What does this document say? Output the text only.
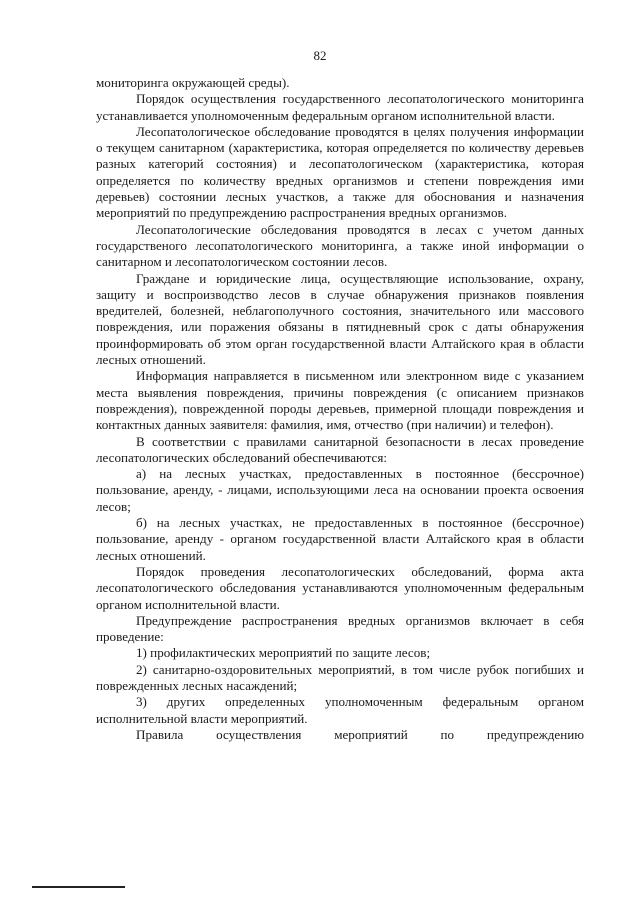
82

мониторинга окружающей среды).

Порядок осуществления государственного лесопатологического мониторинга устанавливается уполномоченным федеральным органом исполнительной власти.

Лесопатологическое обследование проводятся в целях получения информации о текущем санитарном (характеристика, которая определяется по количеству деревьев разных категорий состояния) и лесопатологическом (характеристика, которая определяется по количеству вредных организмов и степени повреждения ими деревьев) состоянии лесных участков, а также для обоснования и назначения мероприятий по предупреждению распространения вредных организмов.

Лесопатологические обследования проводятся в лесах с учетом данных государственого лесопатологического мониторинга, а также иной информации о санитарном и лесопатологическом состоянии лесов.

Граждане и юридические лица, осуществляющие использование, охрану, защиту и воспроизводство лесов в случае обнаружения признаков появления вредителей, болезней, неблагополучного состояния, значительного или массового повреждения, или поражения обязаны в пятидневный срок с даты обнаружения проинформировать об этом орган государственной власти Алтайского края в области лесных отношений.

Информация направляется в письменном или электронном виде с указанием места выявления повреждения, причины повреждения (с описанием признаков повреждения), поврежденной породы деревьев, примерной площади повреждения и контактных данных заявителя: фамилия, имя, отчество (при наличии) и телефон).

В соответствии с правилами санитарной безопасности в лесах проведение лесопатологических обследований обеспечиваются:

а) на лесных участках, предоставленных в постоянное (бессрочное) пользование, аренду, - лицами, использующими леса на основании проекта освоения лесов;

б) на лесных участках, не предоставленных в постоянное (бессрочное) пользование, аренду - органом государственной власти Алтайского края в области лесных отношений.

Порядок проведения лесопатологических обследований, форма акта лесопатологического обследования устанавливаются уполномоченным федеральным органом исполнительной власти.

Предупреждение распространения вредных организмов включает в себя проведение:

1) профилактических мероприятий по защите лесов;

2) санитарно-оздоровительных мероприятий, в том числе рубок погибших и поврежденных лесных насаждений;

3) других определенных уполномоченным федеральным органом исполнительной власти мероприятий.

Правила осуществления мероприятий по предупреждению
